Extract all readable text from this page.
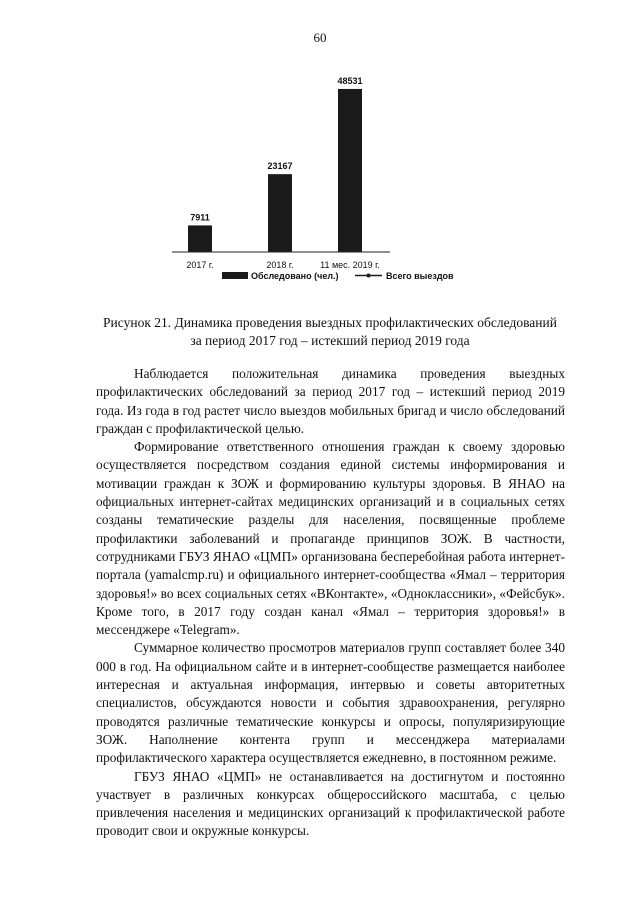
60
7911
2017 г.
23167
2018 г.
48531
11 мес. 2019 г.
Обследовано (чел.)	Всего выездов
Рисунок 21. Динамика проведения выездных профилактических обследований
за период 2017 год – истекший период 2019 года

Наблюдается положительная динамика проведения выездных профилактических обследований за период 2017 год – истекший период 2019 года. Из года в год растет число выездов мобильных бригад и число обследований граждан с профилактической целью.

Формирование ответственного отношения граждан к своему здоровью осуществляется посредством создания единой системы информирования и мотивации граждан к ЗОЖ и формированию культуры здоровья. В ЯНАО на официальных интернет-сайтах медицинских организаций и в социальных сетях созданы тематические разделы для населения, посвященные проблеме профилактики заболеваний и пропаганде принципов ЗОЖ. В частности, сотрудниками ГБУЗ ЯНАО «ЦМП» организована бесперебойная работа интернет-портала (yamalcmp.ru) и официального интернет-сообщества «Ямал – территория здоровья!» во всех социальных сетях «ВКонтакте», «Одноклассники», «Фейсбук». Кроме того, в 2017 году создан канал «Ямал – территория здоровья!» в мессенджере «Telegram».

Суммарное количество просмотров материалов групп составляет более 340 000 в год. На официальном сайте и в интернет-сообществе размещается наиболее интересная и актуальная информация, интервью и советы авторитетных специалистов, обсуждаются новости и события здравоохранения, регулярно проводятся различные тематические конкурсы и опросы, популяризирующие ЗОЖ. Наполнение контента групп и мессенджера материалами профилактического характера осуществляется ежедневно, в постоянном режиме.

ГБУЗ ЯНАО «ЦМП» не останавливается на достигнутом и постоянно участвует в различных конкурсах общероссийского масштаба, с целью привлечения населения и медицинских организаций к профилактической работе проводит свои и окружные конкурсы.
